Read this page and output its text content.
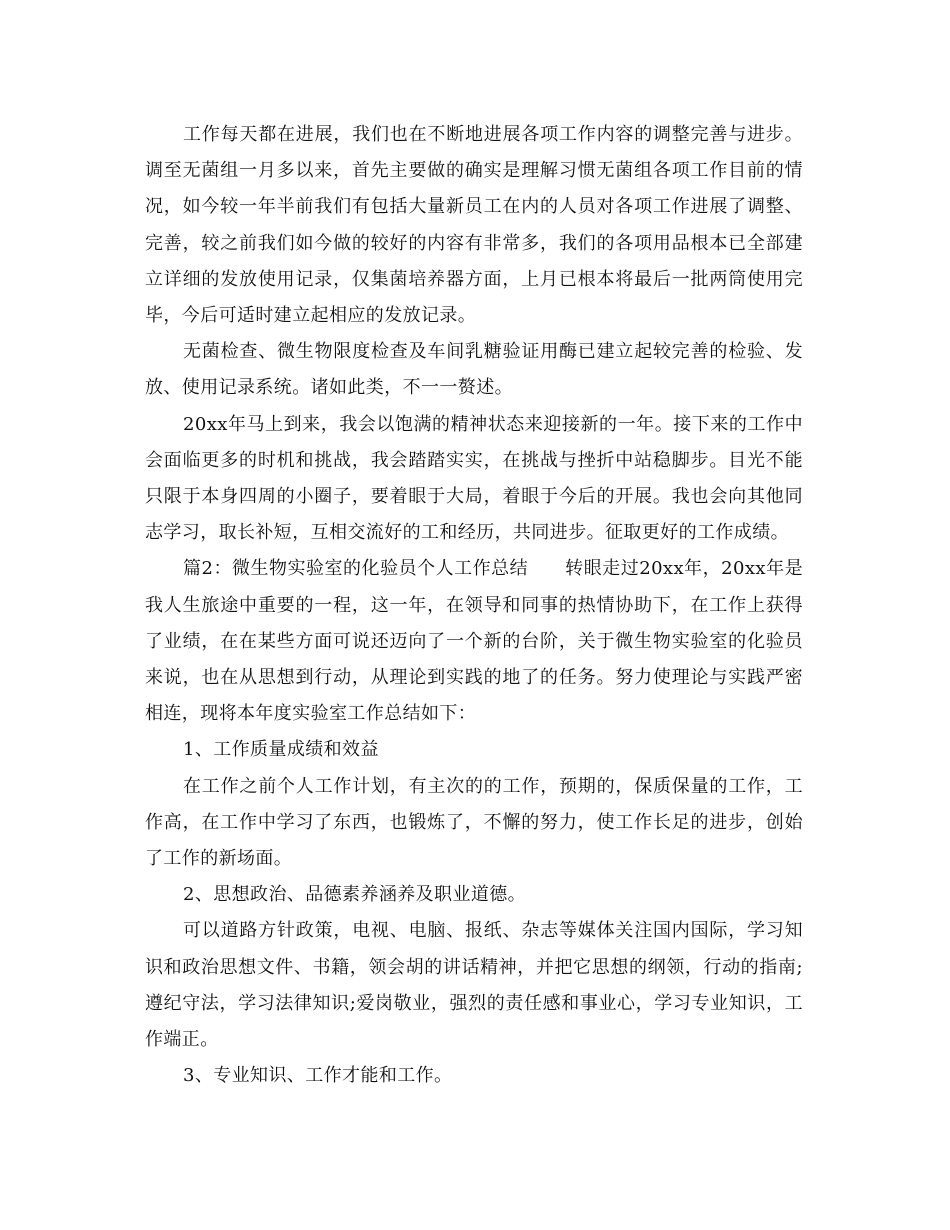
工作每天都在进展，我们也在不断地进展各项工作内容的调整完善与进步。调至无菌组一月多以来，首先主要做的确实是理解习惯无菌组各项工作目前的情况，如今较一年半前我们有包括大量新员工在内的人员对各项工作进展了调整、完善，较之前我们如今做的较好的内容有非常多，我们的各项用品根本已全部建立详细的发放使用记录，仅集菌培养器方面，上月已根本将最后一批两筒使用完毕，今后可适时建立起相应的发放记录。

无菌检查、微生物限度检查及车间乳糖验证用酶已建立起较完善的检验、发放、使用记录系统。诸如此类，不一一赘述。

20xx年马上到来，我会以饱满的精神状态来迎接新的一年。接下来的工作中会面临更多的时机和挑战，我会踏踏实实，在挑战与挫折中站稳脚步。目光不能只限于本身四周的小圈子，要着眼于大局，着眼于今后的开展。我也会向其他同志学习，取长补短，互相交流好的工和经历，共同进步。征取更好的工作成绩。

篇2：微生物实验室的化验员个人工作总结　　转眼走过20xx年，20xx年是我人生旅途中重要的一程，这一年，在领导和同事的热情协助下，在工作上获得了业绩，在在某些方面可说还迈向了一个新的台阶，关于微生物实验室的化验员来说，也在从思想到行动，从理论到实践的地了的任务。努力使理论与实践严密相连，现将本年度实验室工作总结如下：

1、工作质量成绩和效益

在工作之前个人工作计划，有主次的的工作，预期的，保质保量的工作，工作高，在工作中学习了东西，也锻炼了，不懈的努力，使工作长足的进步，创始了工作的新场面。

2、思想政治、品德素养涵养及职业道德。

可以道路方针政策，电视、电脑、报纸、杂志等媒体关注国内国际，学习知识和政治思想文件、书籍，领会胡的讲话精神，并把它思想的纲领，行动的指南;遵纪守法，学习法律知识;爱岗敬业，强烈的责任感和事业心，学习专业知识，工作端正。

3、专业知识、工作才能和工作。
